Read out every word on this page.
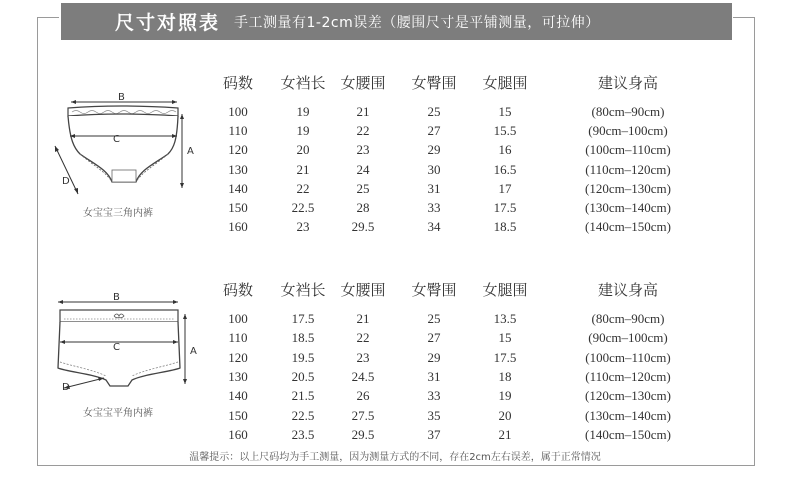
尺寸对照表 手工测量有1-2cm误差（腰围尺寸是平铺测量，可拉伸）
B
C
A
D
女宝宝三角内裤
B
C	A
D
女宝宝平角内裤
码数 女裆长 女腰围 女臀围 女腿围	建议身高
100	19	21	25	15	(80cm–90cm)
110	19	22	27	15.5	(90cm–100cm)
120	20	23	29	16	(100cm–110cm)
130	21	24	30	16.5	(110cm–120cm)
140	22	25	31	17	(120cm–130cm)
150	22.5	28	33	17.5	(130cm–140cm)
160	23	29.5	34	18.5	(140cm–150cm)
码数 女裆长 女腰围 女臀围 女腿围	建议身高
100	17.5	21	25	13.5	(80cm–90cm)
110	18.5	22	27	15	(90cm–100cm)
120	19.5	23	29	17.5	(100cm–110cm)
130	20.5	24.5	31	18	(110cm–120cm)
140	21.5	26	33	19	(120cm–130cm)
150	22.5	27.5	35	20	(130cm–140cm)
160	23.5	29.5	37	21	(140cm–150cm)
温馨提示：以上尺码均为手工测量，因为测量方式的不同，存在2cm左右误差，属于正常情况
